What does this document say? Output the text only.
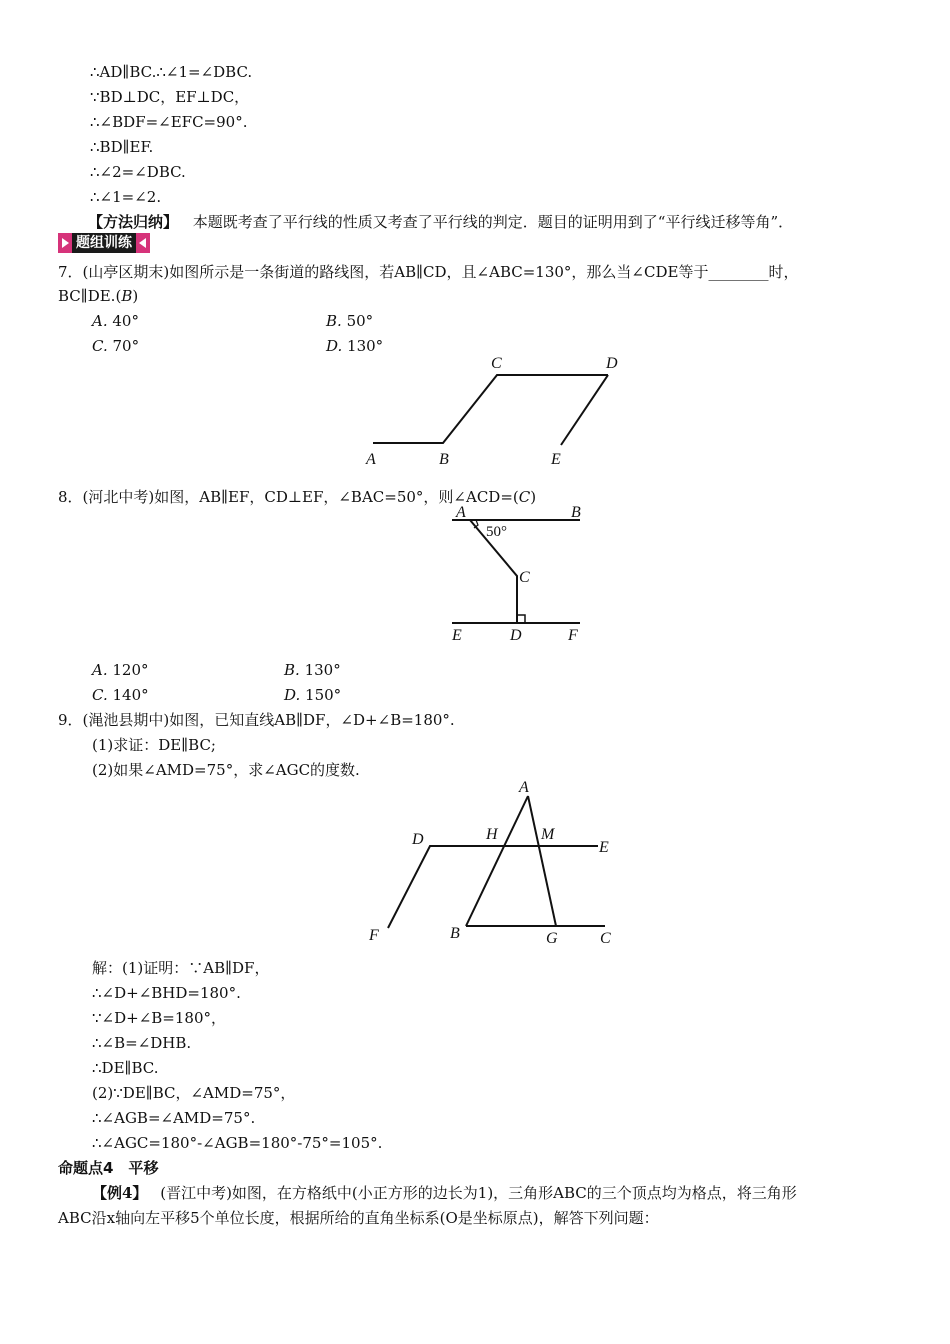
∴AD∥BC.∴∠1=∠DBC.
∵BD⊥DC，EF⊥DC，
∴∠BDF=∠EFC=90°.
∴BD∥EF.
∴∠2=∠DBC.
∴∠1=∠2.
【方法归纳】 本题既考查了平行线的性质又考查了平行线的判定．题目的证明用到了“平行线迁移等角”．
题组训练
7．(山亭区期末)如图所示是一条街道的路线图，若AB∥CD，且∠ABC=130°，那么当∠CDE等于________时，
BC∥DE.(B)
A. 40°	B. 50°
C. 70°	D. 130°
A	B
C	D
E
8．(河北中考)如图，AB∥EF，CD⊥EF，∠BAC=50°，则∠ACD=(C)
A	B
C
D
E	F
50°
A. 120°	B. 130°
C. 140°	D. 150°
9．(渑池县期中)如图，已知直线AB∥DF，∠D+∠B=180°.
(1)求证：DE∥BC;
(2)如果∠AMD=75°，求∠AGC的度数.
A
H	M
D	E
F	B	G	C
解：(1)证明：∵AB∥DF，
∴∠D+∠BHD=180°.
∵∠D+∠B=180°，
∴∠B=∠DHB.
∴DE∥BC.
(2)∵DE∥BC，∠AMD=75°，
∴∠AGB=∠AMD=75°.
∴∠AGC=180°-∠AGB=180°-75°=105°.
命题点4　平移
【例4】 (晋江中考)如图，在方格纸中(小正方形的边长为1)，三角形ABC的三个顶点均为格点，将三角形
ABC沿x轴向左平移5个单位长度，根据所给的直角坐标系(O是坐标原点)，解答下列问题：
